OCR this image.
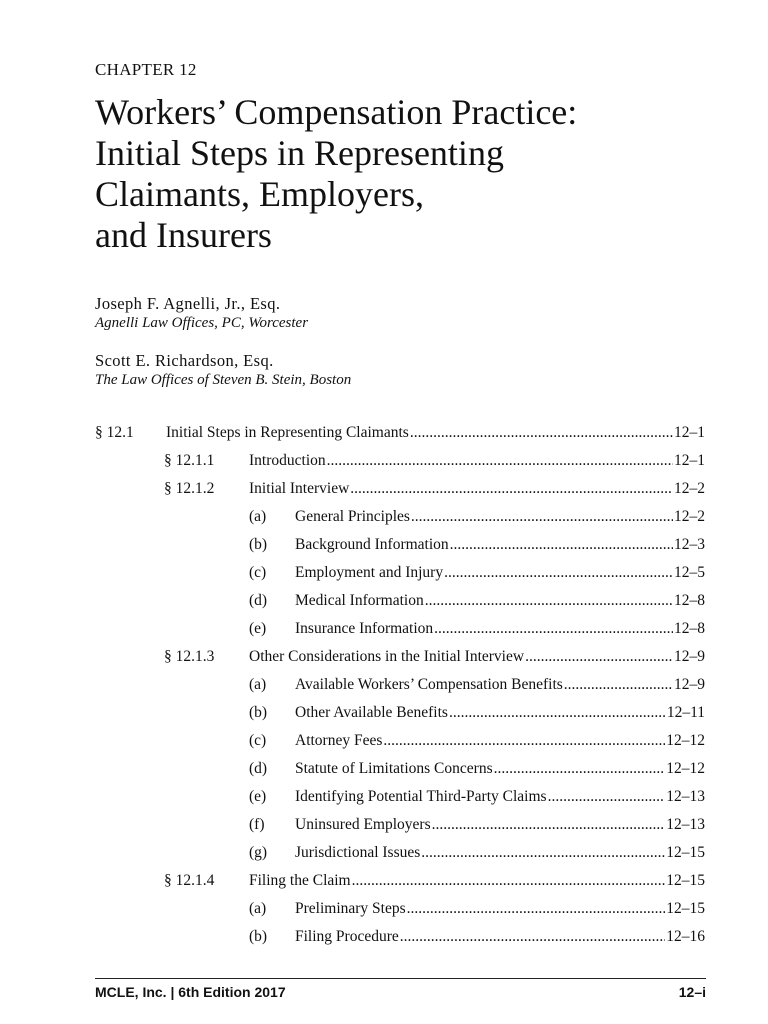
CHAPTER 12
Workers’ Compensation Practice:
Initial Steps in Representing
Claimants, Employers,
and Insurers
Joseph F. Agnelli, Jr., Esq.
Agnelli Law Offices, PC, Worcester
Scott E. Richardson, Esq.
The Law Offices of Steven B. Stein, Boston
§ 12.1	Initial Steps in Representing Claimants .....	12–1
§ 12.1.1	Introduction .....	12–1
§ 12.1.2	Initial Interview .....	12–2
(a)	General Principles .....	12–2
(b)	Background Information .....	12–3
(c)	Employment and Injury .....	12–5
(d)	Medical Information .....	12–8
(e)	Insurance Information .....	12–8
§ 12.1.3	Other Considerations in the Initial Interview .....	12–9
(a)	Available Workers’ Compensation Benefits .....	12–9
(b)	Other Available Benefits .....	12–11
(c)	Attorney Fees .....	12–12
(d)	Statute of Limitations Concerns .....	12–12
(e)	Identifying Potential Third-Party Claims .....	12–13
(f)	Uninsured Employers .....	12–13
(g)	Jurisdictional Issues .....	12–15
§ 12.1.4	Filing the Claim .....	12–15
(a)	Preliminary Steps .....	12–15
(b)	Filing Procedure .....	12–16
MCLE, Inc. | 6th Edition 2017	12–i
